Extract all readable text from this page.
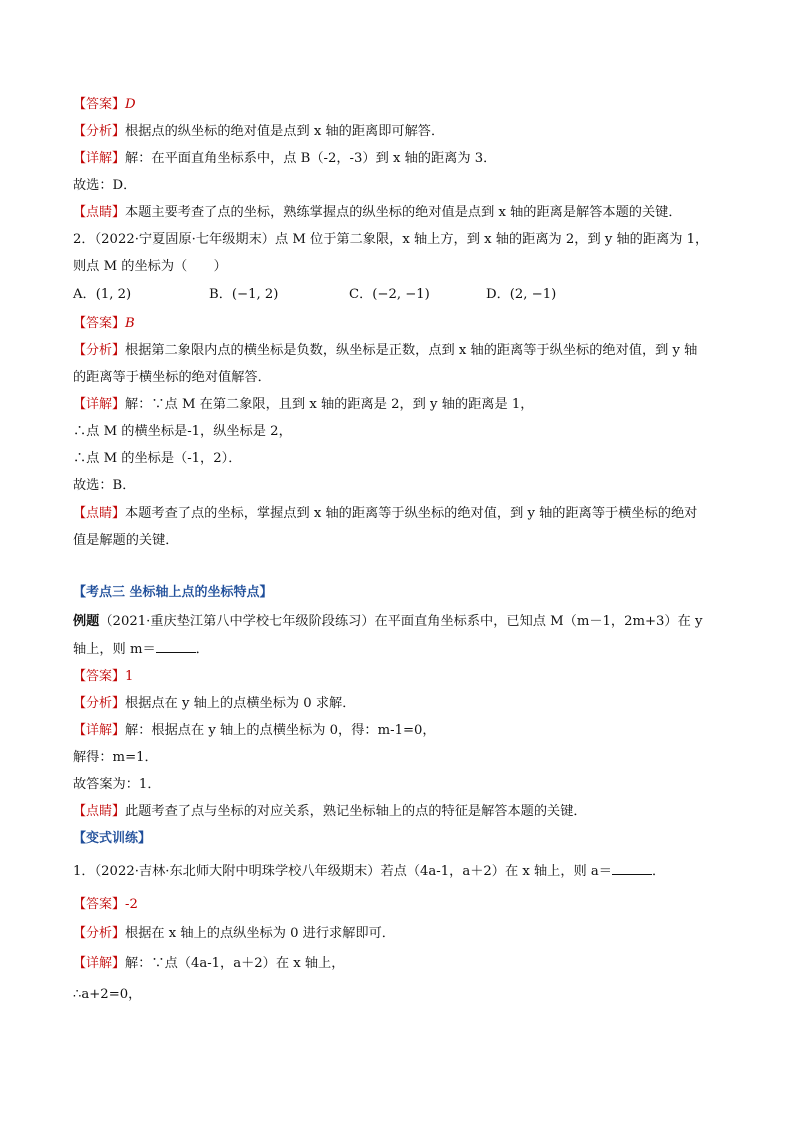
【答案】D
【分析】根据点的纵坐标的绝对值是点到 x 轴的距离即可解答．
【详解】解：在平面直角坐标系中，点 B（-2，-3）到 x 轴的距离为 3．
故选：D．
【点睛】本题主要考查了点的坐标，熟练掌握点的纵坐标的绝对值是点到 x 轴的距离是解答本题的关键．
2．（2022·宁夏固原·七年级期末）点 M 位于第二象限，x 轴上方，到 x 轴的距离为 2，到 y 轴的距离为 1，
则点 M 的坐标为（　　）
A．(1, 2)	B．(−1, 2)	C．(−2, −1)	D．(2, −1)
【答案】B
【分析】根据第二象限内点的横坐标是负数，纵坐标是正数，点到 x 轴的距离等于纵坐标的绝对值，到 y 轴
的距离等于横坐标的绝对值解答．
【详解】解：∵点 M 在第二象限，且到 x 轴的距离是 2，到 y 轴的距离是 1，
∴点 M 的横坐标是-1，纵坐标是 2，
∴点 M 的坐标是（-1，2）．
故选：B．
【点睛】本题考查了点的坐标，掌握点到 x 轴的距离等于纵坐标的绝对值，到 y 轴的距离等于横坐标的绝对
值是解题的关键．
【考点三 坐标轴上点的坐标特点】
例题（2021·重庆垫江第八中学校七年级阶段练习）在平面直角坐标系中，已知点 M（m－1，2m+3）在 y
轴上，则 m＝	．
【答案】1
【分析】根据点在 y 轴上的点横坐标为 0 求解．
【详解】解：根据点在 y 轴上的点横坐标为 0，得：m-1=0，
解得：m=1．
故答案为：1．
【点睛】此题考查了点与坐标的对应关系，熟记坐标轴上的点的特征是解答本题的关键．
【变式训练】
1．（2022·吉林·东北师大附中明珠学校八年级期末）若点（4a-1，a＋2）在 x 轴上，则 a＝	．
【答案】-2
【分析】根据在 x 轴上的点纵坐标为 0 进行求解即可．
【详解】解：∵点（4a-1，a＋2）在 x 轴上，
∴a+2=0，
